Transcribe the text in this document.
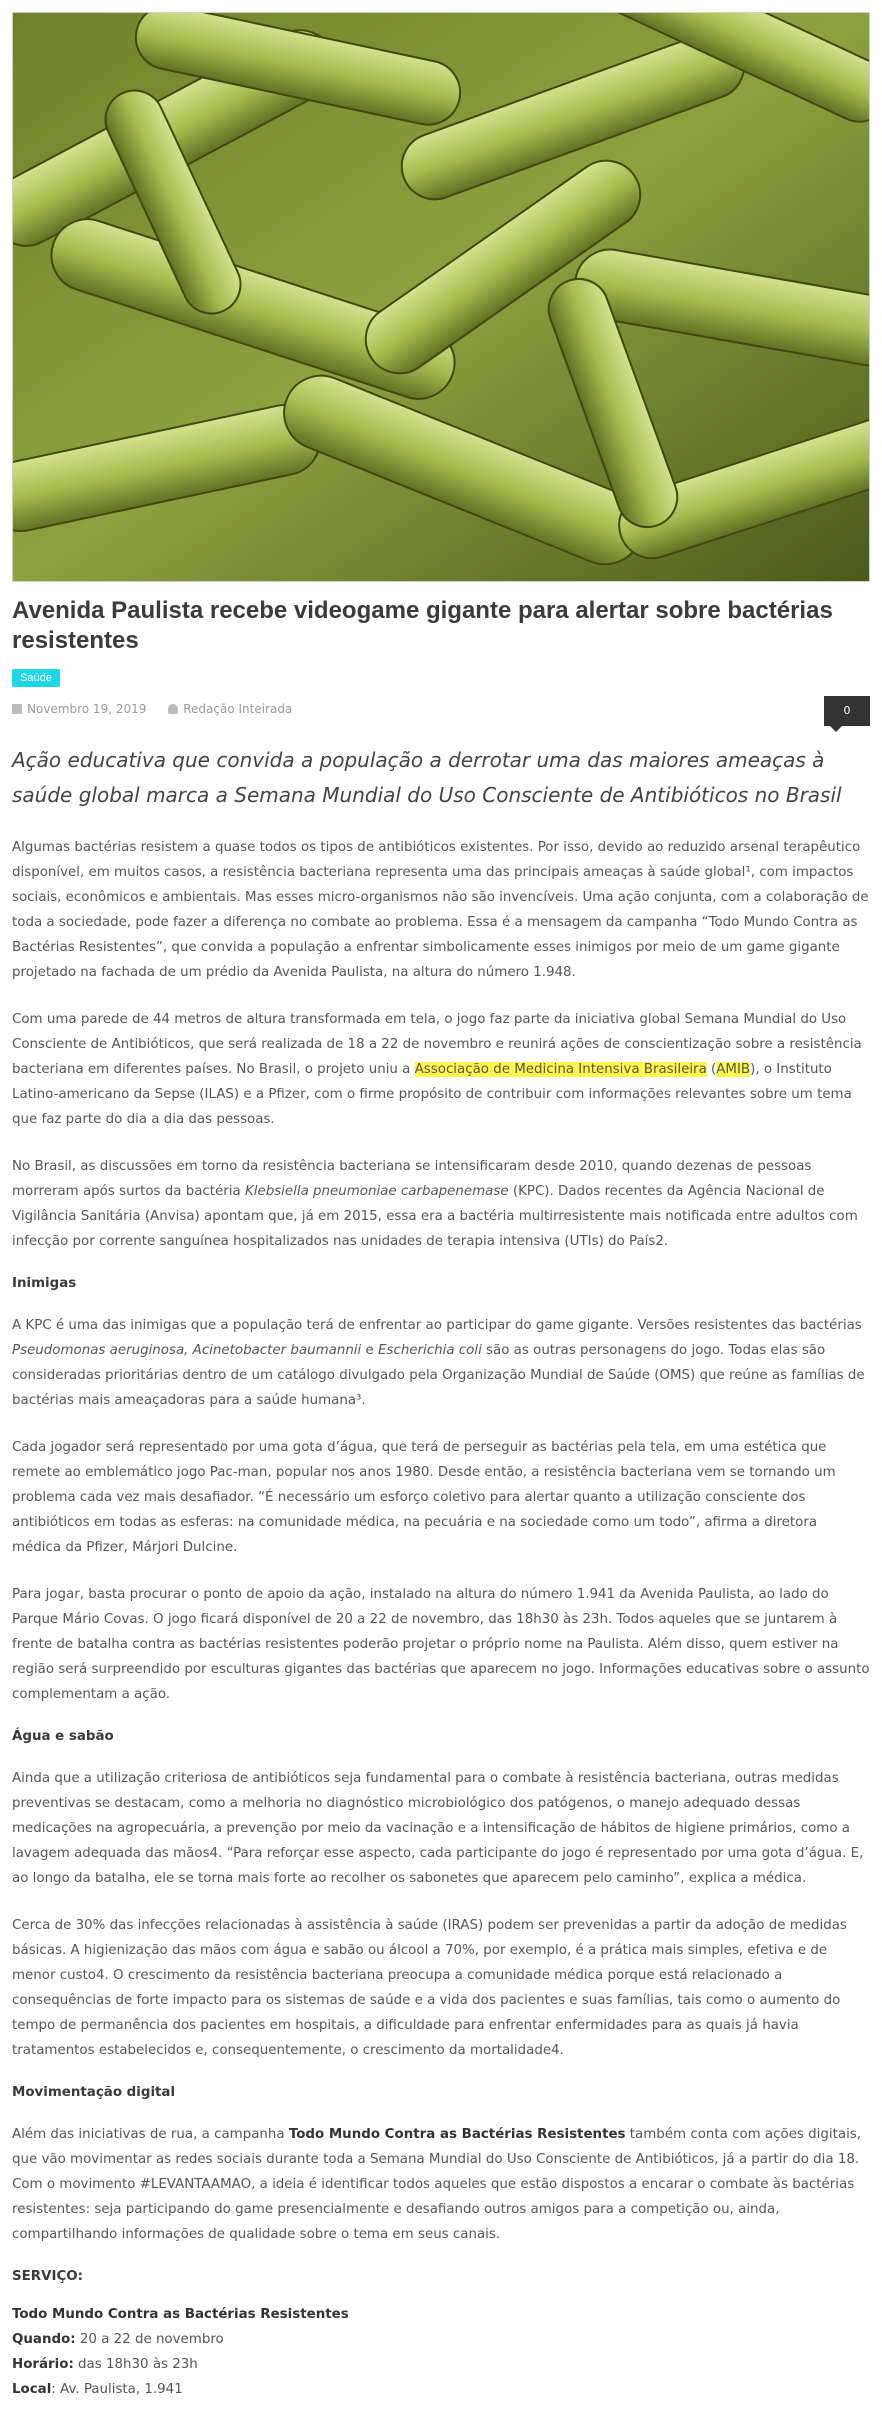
Avenida Paulista recebe videogame gigante para alertar sobre bactérias resistentes
Saúde
Novembro 19, 2019	Redação Inteirada	0
Ação educativa que convida a população a derrotar uma das maiores ameaças à saúde global marca a Semana Mundial do Uso Consciente de Antibióticos no Brasil

Algumas bactérias resistem a quase todos os tipos de antibióticos existentes. Por isso, devido ao reduzido arsenal terapêutico disponível, em muitos casos, a resistência bacteriana representa uma das principais ameaças à saúde global¹, com impactos sociais, econômicos e ambientais. Mas esses micro-organismos não são invencíveis. Uma ação conjunta, com a colaboração de toda a sociedade, pode fazer a diferença no combate ao problema. Essa é a mensagem da campanha “Todo Mundo Contra as Bactérias Resistentes”, que convida a população a enfrentar simbolicamente esses inimigos por meio de um game gigante projetado na fachada de um prédio da Avenida Paulista, na altura do número 1.948.

Com uma parede de 44 metros de altura transformada em tela, o jogo faz parte da iniciativa global Semana Mundial do Uso Consciente de Antibióticos, que será realizada de 18 a 22 de novembro e reunirá ações de conscientização sobre a resistência bacteriana em diferentes países. No Brasil, o projeto uniu a Associação de Medicina Intensiva Brasileira (AMIB), o Instituto Latino-americano da Sepse (ILAS) e a Pfizer, com o firme propósito de contribuir com informações relevantes sobre um tema que faz parte do dia a dia das pessoas.

No Brasil, as discussões em torno da resistência bacteriana se intensificaram desde 2010, quando dezenas de pessoas morreram após surtos da bactéria Klebsiella pneumoniae carbapenemase (KPC). Dados recentes da Agência Nacional de Vigilância Sanitária (Anvisa) apontam que, já em 2015, essa era a bactéria multirresistente mais notificada entre adultos com infecção por corrente sanguínea hospitalizados nas unidades de terapia intensiva (UTIs) do País2.

Inimigas

A KPC é uma das inimigas que a população terá de enfrentar ao participar do game gigante. Versões resistentes das bactérias Pseudomonas aeruginosa, Acinetobacter baumannii e Escherichia coli são as outras personagens do jogo. Todas elas são consideradas prioritárias dentro de um catálogo divulgado pela Organização Mundial de Saúde (OMS) que reúne as famílias de bactérias mais ameaçadoras para a saúde humana³.

Cada jogador será representado por uma gota d’água, que terá de perseguir as bactérias pela tela, em uma estética que remete ao emblemático jogo Pac-man, popular nos anos 1980. Desde então, a resistência bacteriana vem se tornando um problema cada vez mais desafiador. “É necessário um esforço coletivo para alertar quanto a utilização consciente dos antibióticos em todas as esferas: na comunidade médica, na pecuária e na sociedade como um todo”, afirma a diretora médica da Pfizer, Márjori Dulcine.

Para jogar, basta procurar o ponto de apoio da ação, instalado na altura do número 1.941 da Avenida Paulista, ao lado do Parque Mário Covas. O jogo ficará disponível de 20 a 22 de novembro, das 18h30 às 23h. Todos aqueles que se juntarem à frente de batalha contra as bactérias resistentes poderão projetar o próprio nome na Paulista. Além disso, quem estiver na região será surpreendido por esculturas gigantes das bactérias que aparecem no jogo. Informações educativas sobre o assunto complementam a ação.

Água e sabão

Ainda que a utilização criteriosa de antibióticos seja fundamental para o combate à resistência bacteriana, outras medidas preventivas se destacam, como a melhoria no diagnóstico microbiológico dos patógenos, o manejo adequado dessas medicações na agropecuária, a prevenção por meio da vacinação e a intensificação de hábitos de higiene primários, como a lavagem adequada das mãos4. “Para reforçar esse aspecto, cada participante do jogo é representado por uma gota d’água. E, ao longo da batalha, ele se torna mais forte ao recolher os sabonetes que aparecem pelo caminho”, explica a médica.

Cerca de 30% das infecções relacionadas à assistência à saúde (IRAS) podem ser prevenidas a partir da adoção de medidas básicas. A higienização das mãos com água e sabão ou álcool a 70%, por exemplo, é a prática mais simples, efetiva e de menor custo4. O crescimento da resistência bacteriana preocupa a comunidade médica porque está relacionado a consequências de forte impacto para os sistemas de saúde e a vida dos pacientes e suas famílias, tais como o aumento do tempo de permanência dos pacientes em hospitais, a dificuldade para enfrentar enfermidades para as quais já havia tratamentos estabelecidos e, consequentemente, o crescimento da mortalidade4.

Movimentação digital

Além das iniciativas de rua, a campanha Todo Mundo Contra as Bactérias Resistentes também conta com ações digitais, que vão movimentar as redes sociais durante toda a Semana Mundial do Uso Consciente de Antibióticos, já a partir do dia 18. Com o movimento #LEVANTAAMAO, a ideia é identificar todos aqueles que estão dispostos a encarar o combate às bactérias resistentes: seja participando do game presencialmente e desafiando outros amigos para a competição ou, ainda, compartilhando informações de qualidade sobre o tema em seus canais.

SERVIÇO:

Todo Mundo Contra as Bactérias Resistentes

Quando: 20 a 22 de novembro

Horário: das 18h30 às 23h

Local: Av. Paulista, 1.941
